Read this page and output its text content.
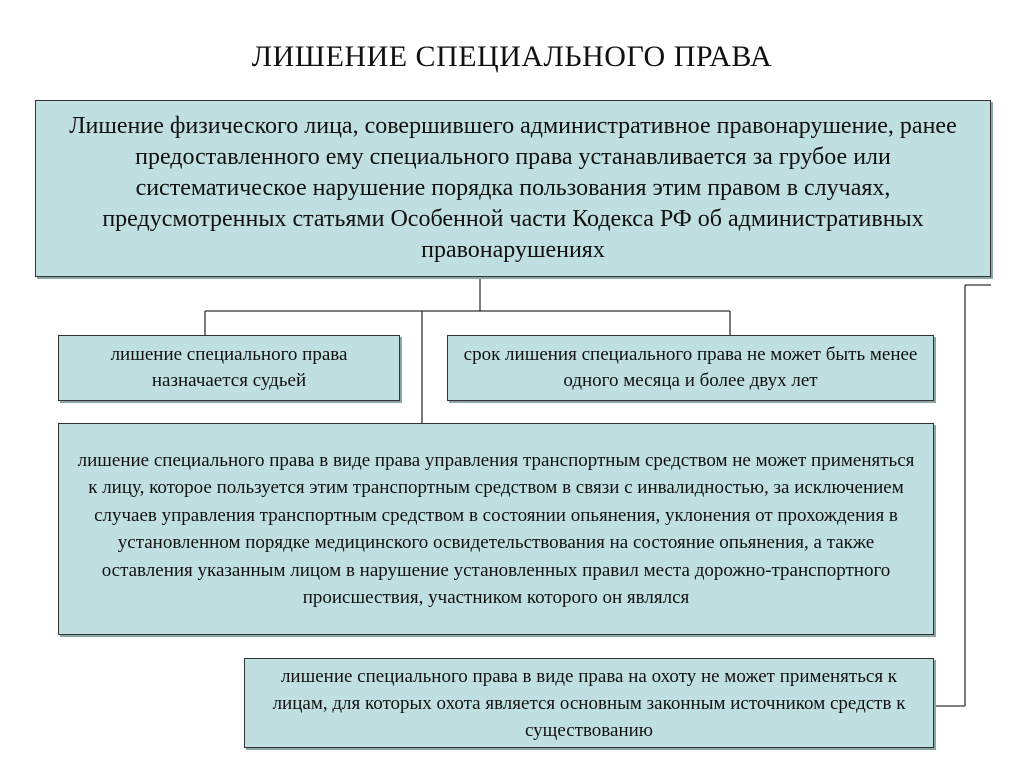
ЛИШЕНИЕ СПЕЦИАЛЬНОГО ПРАВА
Лишение физического лица, совершившего административное правонарушение, ранее предоставленного ему специального права устанавливается за грубое или систематическое нарушение порядка пользования этим правом в случаях, предусмотренных статьями Особенной части Кодекса РФ об административных правонарушениях
лишение специального права назначается судьей
срок лишения специального права не может быть менее одного месяца и более двух лет
лишение специального права в виде права управления транспортным средством не может применяться к лицу, которое пользуется этим транспортным средством в связи с инвалидностью, за исключением случаев управления транспортным средством в состоянии опьянения, уклонения от прохождения в установленном порядке медицинского освидетельствования на состояние опьянения, а также оставления указанным лицом в нарушение установленных правил места дорожно-транспортного происшествия, участником которого он являлся
лишение специального права в виде права на охоту не может применяться к лицам, для которых охота является основным законным источником средств к существованию
